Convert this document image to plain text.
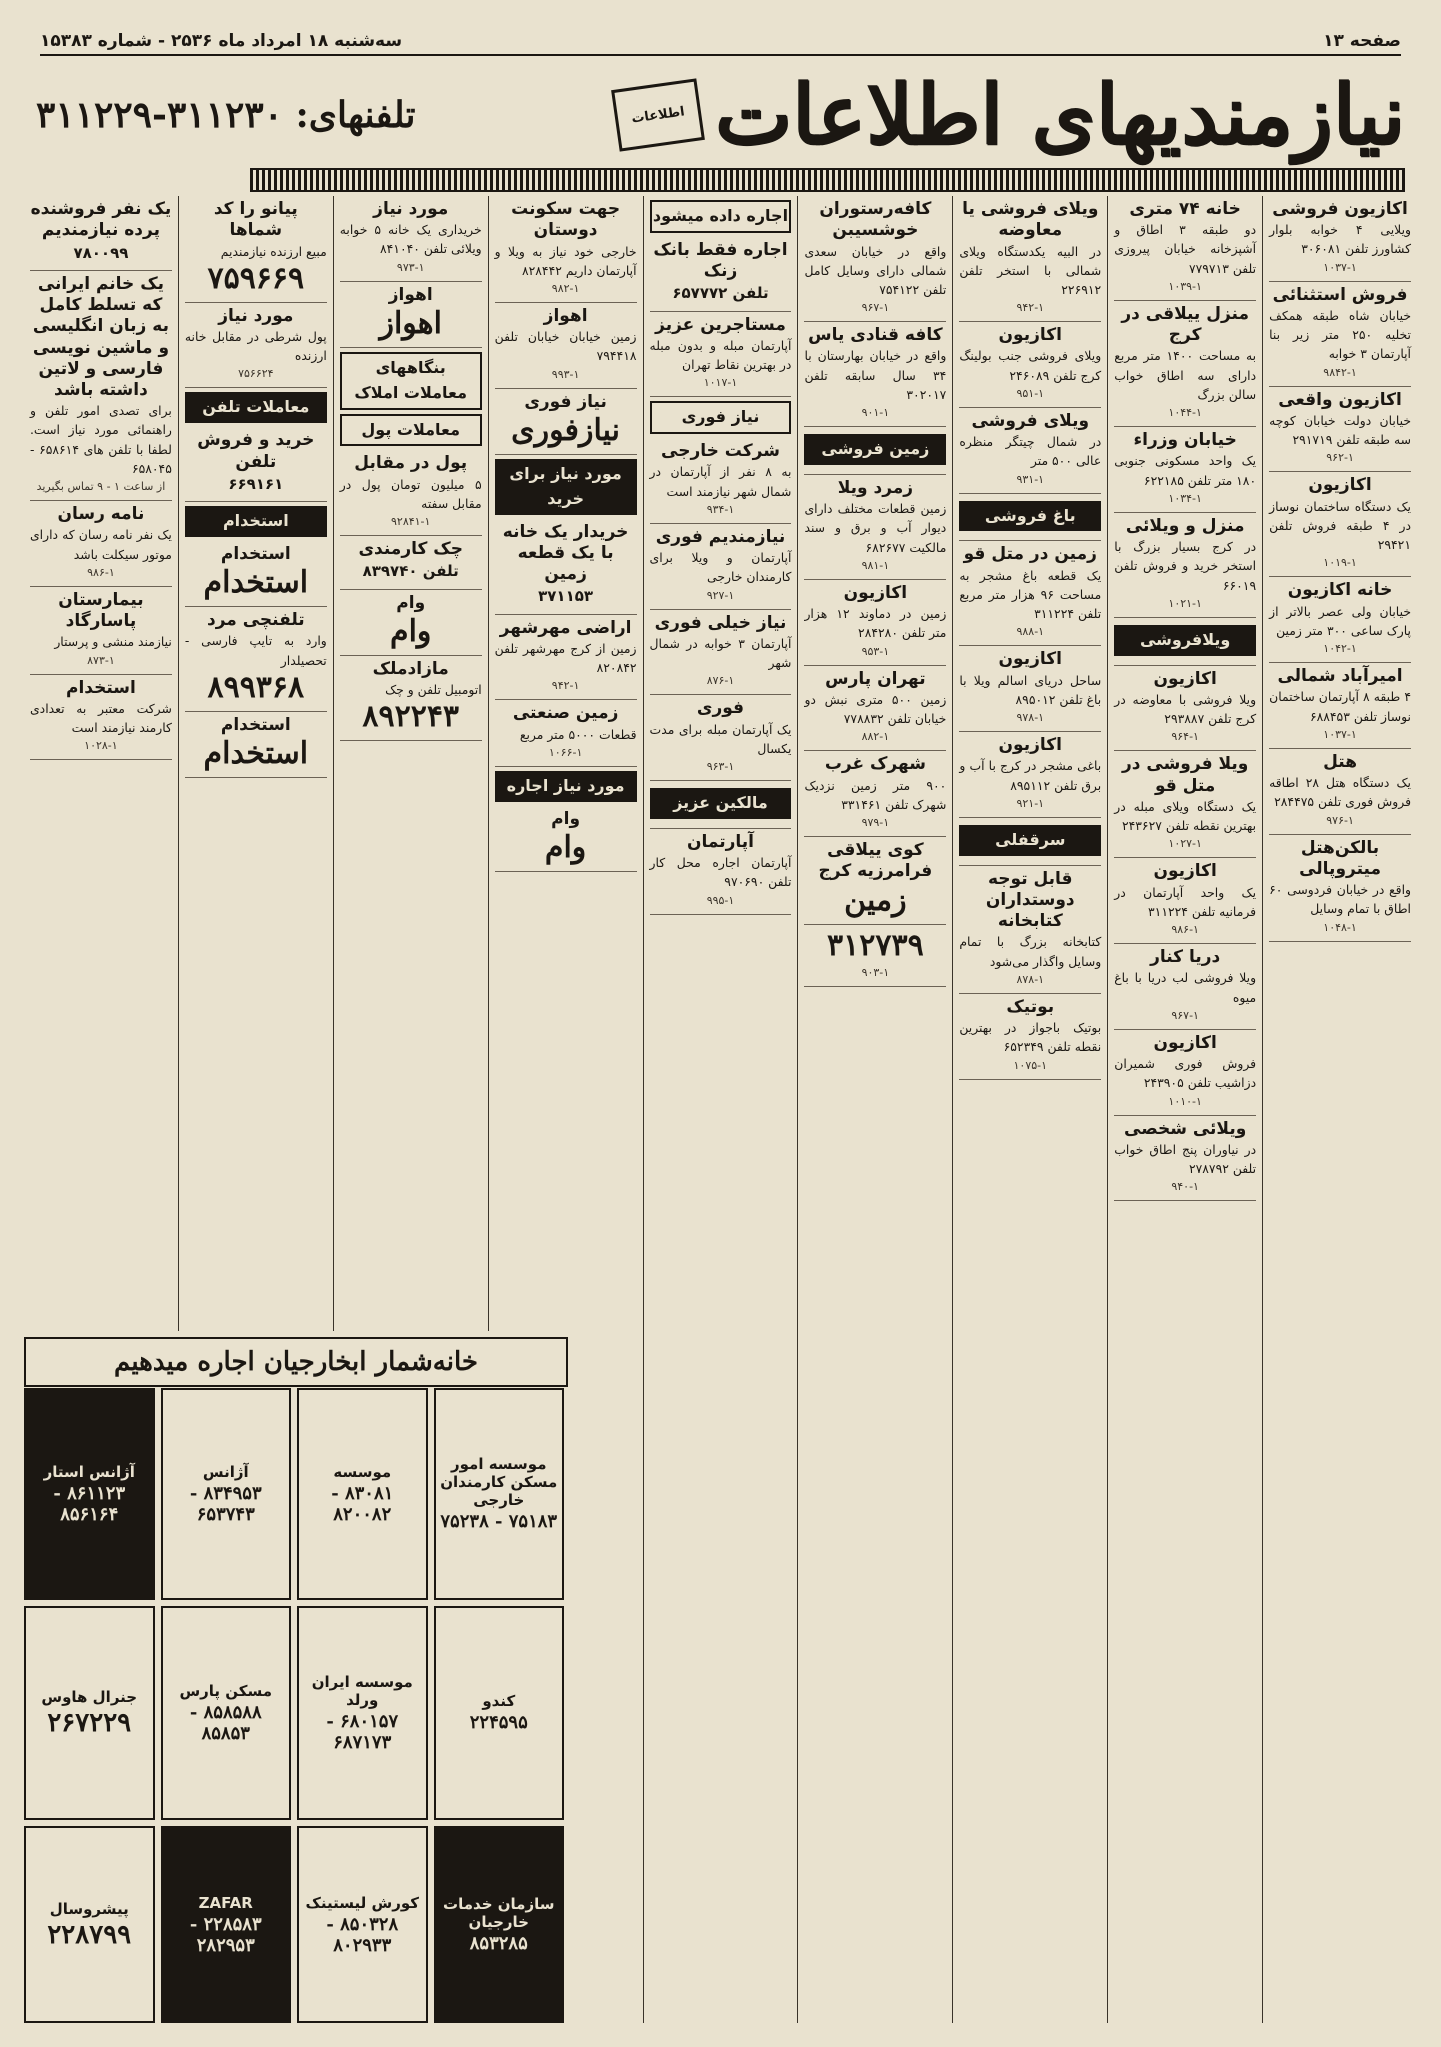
صفحه ۱۳
سه‌شنبه ۱۸ امرداد ماه ۲۵۳۶ - شماره ۱۵۳۸۳
نیازمندیهای اطلاعات
اطلاعات
تلفنهای: ۳۱۱۲۳۰-۳۱۱۲۲۹
اکازیون فروشی
ویلایی ۴ خوابه بلوار کشاورز تلفن ۳۰۶۰۸۱
۱۰۳۷-۱
فروش استثنائی
خیابان شاه طبقه همکف تخلیه ۲۵۰ متر زیر بنا آپارتمان ۳ خوابه
۹۸۴۲-۱
اکازیون واقعی
خیابان دولت خیابان کوچه سه طبقه تلفن ۲۹۱۷۱۹
۹۶۲-۱
اکازیون
یک دستگاه ساختمان نوساز در ۴ طبقه فروش تلفن ۲۹۴۲۱
۱۰۱۹-۱
خانه اکازیون
خیابان ولی عصر بالاتر از پارک ساعی ۳۰۰ متر زمین
۱۰۴۲-۱
امیرآباد شمالی
۴ طبقه ۸ آپارتمان ساختمان نوساز تلفن ۶۸۸۴۵۳
۱۰۳۷-۱
هتل
یک دستگاه هتل ۲۸ اطاقه فروش فوری تلفن ۲۸۴۴۷۵
۹۷۶-۱
بالکن‌هتل میتروپالی
واقع در خیابان فردوسی ۶۰ اطاق با تمام وسایل
۱۰۴۸-۱
خانه ۷۴ متری
دو طبقه ۳ اطاق و آشپزخانه خیابان پیروزی تلفن ۷۷۹۷۱۳
۱۰۳۹-۱
منزل ییلاقی در کرج
به مساحت ۱۴۰۰ متر مربع دارای سه اطاق خواب سالن بزرگ
۱۰۴۴-۱
خیابان وزراء
یک واحد مسکونی جنوبی ۱۸۰ متر تلفن ۶۲۲۱۸۵
۱۰۳۴-۱
منزل و ویلائی
در کرج بسیار بزرگ با استخر خرید و فروش تلفن ۶۶۰۱۹
۱۰۲۱-۱
ویلافروشی
اکازیون
ویلا فروشی با معاوضه در کرج تلفن ۲۹۳۸۸۷
۹۶۴-۱
ویلا فروشی در متل قو
یک دستگاه ویلای مبله در بهترین نقطه تلفن ۲۴۳۶۲۷
۱۰۲۷-۱
اکازیون
یک واحد آپارتمان در فرمانیه تلفن ۳۱۱۲۲۴
۹۸۶-۱
دریا کنار
ویلا فروشی لب دریا با باغ میوه
۹۶۷-۱
اکازیون
فروش فوری شمیران دزاشیب تلفن ۲۴۳۹۰۵
۱۰۱۰-۱
ویلائی شخصی
در نیاوران پنج اطاق خواب تلفن ۲۷۸۷۹۲
۹۴۰-۱
ویلای فروشی یا معاوضه
در البیه یکدستگاه ویلای شمالی با استخر تلفن ۲۲۶۹۱۲
۹۴۲-۱
اکازیون
ویلای فروشی جنب بولینگ کرج تلفن ۲۴۶۰۸۹
۹۵۱-۱
ویلای فروشی
در شمال چیتگر منظره عالی ۵۰۰ متر
۹۳۱-۱
باغ فروشی
زمین در متل قو
یک قطعه باغ مشجر به مساحت ۹۶ هزار متر مربع تلفن ۳۱۱۲۲۴
۹۸۸-۱
اکازیون
ساحل دریای اسالم ویلا با باغ تلفن ۸۹۵۰۱۲
۹۷۸-۱
اکازیون
باغی مشجر در کرج با آب و برق تلفن ۸۹۵۱۱۲
۹۲۱-۱
سرقفلی
قابل توجه دوستداران کتابخانه
کتابخانه بزرگ با تمام وسایل واگذار می‌شود
۸۷۸-۱
بوتیک
بوتیک باجواز در بهترین نقطه تلفن ۶۵۲۳۴۹
۱۰۷۵-۱
کافه‌رستوران خوشسیبن
واقع در خیابان سعدی شمالی دارای وسایل کامل تلفن ۷۵۴۱۲۲
۹۶۷-۱
کافه قنادی یاس
واقع در خیابان بهارستان با ۳۴ سال سابقه تلفن ۳۰۲۰۱۷
۹۰۱-۱
زمین فروشی
زمرد ویلا
زمین قطعات مختلف دارای دیوار آب و برق و سند مالکیت ۶۸۲۶۷۷
۹۸۱-۱
اکازیون
زمین در دماوند ۱۲ هزار متر تلفن ۲۸۴۲۸۰
۹۵۳-۱
تهران پارس
زمین ۵۰۰ متری نبش دو خیابان تلفن ۷۷۸۸۳۲
۸۸۲-۱
شهرک غرب
۹۰۰ متر زمین نزدیک شهرک تلفن ۳۳۱۴۶۱
۹۷۹-۱
کوی ییلاقی فرامرزیه کرج
زمین
۳۱۲۷۳۹
۹۰۳-۱
اجاره داده میشود
اجاره فقط بانک زنک
تلفن ۶۵۷۷۷۲
مستاجرین عزیز
آپارتمان مبله و بدون مبله در بهترین نقاط تهران
۱۰۱۷-۱
نیاز فوری
شرکت خارجی
به ۸ نفر از آپارتمان در شمال شهر نیازمند است
۹۳۴-۱
نیازمندیم فوری
آپارتمان و ویلا برای کارمندان خارجی
۹۲۷-۱
نیاز خیلی فوری
آپارتمان ۳ خوابه در شمال شهر
۸۷۶-۱
فوری
یک آپارتمان مبله برای مدت یکسال
۹۶۳-۱
مالکین عزیز
آپارتمان
آپارتمان اجاره محل کار تلفن ۹۷۰۶۹۰
۹۹۵-۱
جهت سکونت دوستان
خارجی خود نیاز به ویلا و آپارتمان داریم ۸۲۸۴۴۲
۹۸۲-۱
اهواز
زمین خیابان خیابان تلفن ۷۹۴۴۱۸
۹۹۳-۱
نیاز فوری
نیازفوری
مورد نیاز برای خرید
خریدار یک خانه با یک قطعه زمین
۳۷۱۱۵۳
اراضی مهرشهر
زمین از کرج مهرشهر تلفن ۸۲۰۸۴۲
۹۴۲-۱
زمین صنعتی
قطعات ۵۰۰۰ متر مربع
۱۰۶۶-۱
مورد نیاز اجاره
وام
وام
مورد نیاز
خریداری یک خانه ۵ خوابه ویلائی تلفن ۸۴۱۰۴۰
۹۷۳-۱
اهواز
اهواز
بنگاههای معاملات املاک
معاملات پول
پول در مقابل
۵ میلیون تومان پول در مقابل سفته
۹۲۸۴۱-۱
چک کارمندی
تلفن ۸۳۹۷۴۰
وام
وام
مازادملک
اتومبیل تلفن و چک
۸۹۲۲۴۳
پیانو را کد شماها
مبیع ارزنده نیازمندیم
۷۵۹۶۶۹
مورد نیاز
پول شرطی در مقابل خانه ارزنده
۷۵۶۶۲۴
معاملات تلفن
خرید و فروش تلفن
۶۶۹۱۶۱
استخدام
استخدام
استخدام
تلفنچی مرد
وارد به تایپ فارسی - تحصیلدار
۸۹۹۳۶۸
استخدام
استخدام
یک نفر فروشنده پرده نیازمندیم
۷۸۰۰۹۹
یک خانم ایرانی که تسلط کامل به زبان انگلیسی و ماشین نویسی فارسی و لاتین داشته باشد
برای تصدی امور تلفن و راهنمائی مورد نیاز است. لطفا با تلفن های ۶۵۸۶۱۴ - ۶۵۸۰۴۵
از ساعت ۱ - ۹ تماس بگیرید
نامه رسان
یک نفر نامه رسان که دارای موتور سیکلت باشد
۹۸۶-۱
بیمارستان پاسارگاد
نیازمند منشی و پرستار
۸۷۳-۱
استخدام
شرکت معتبر به تعدادی کارمند نیازمند است
۱۰۲۸-۱
خانه‌شمار ابخارجیان اجاره میدهیم
موسسه امور مسکن کارمندان خارجی
۷۵۱۸۳ - ۷۵۲۳۸
موسسه
۸۳۰۸۱ - ۸۲۰۰۸۲
آژانس
۸۳۴۹۵۳ - ۶۵۳۷۴۳
آژانس استار
۸۶۱۱۲۳ - ۸۵۶۱۶۴
کندو
۲۲۴۵۹۵
موسسه ایران ورلد
۶۸۰۱۵۷ - ۶۸۷۱۷۳
مسکن پارس
۸۵۸۵۸۸ - ۸۵۸۵۳
جنرال هاوس
۲۶۷۲۲۹
سازمان خدمات خارجیان
۸۵۳۲۸۵
کورش لیستینک
۸۵۰۳۲۸ - ۸۰۲۹۳۳
ZAFAR
۲۲۸۵۸۳ - ۲۸۲۹۵۳
پیشروسال
۲۲۸۷۹۹
